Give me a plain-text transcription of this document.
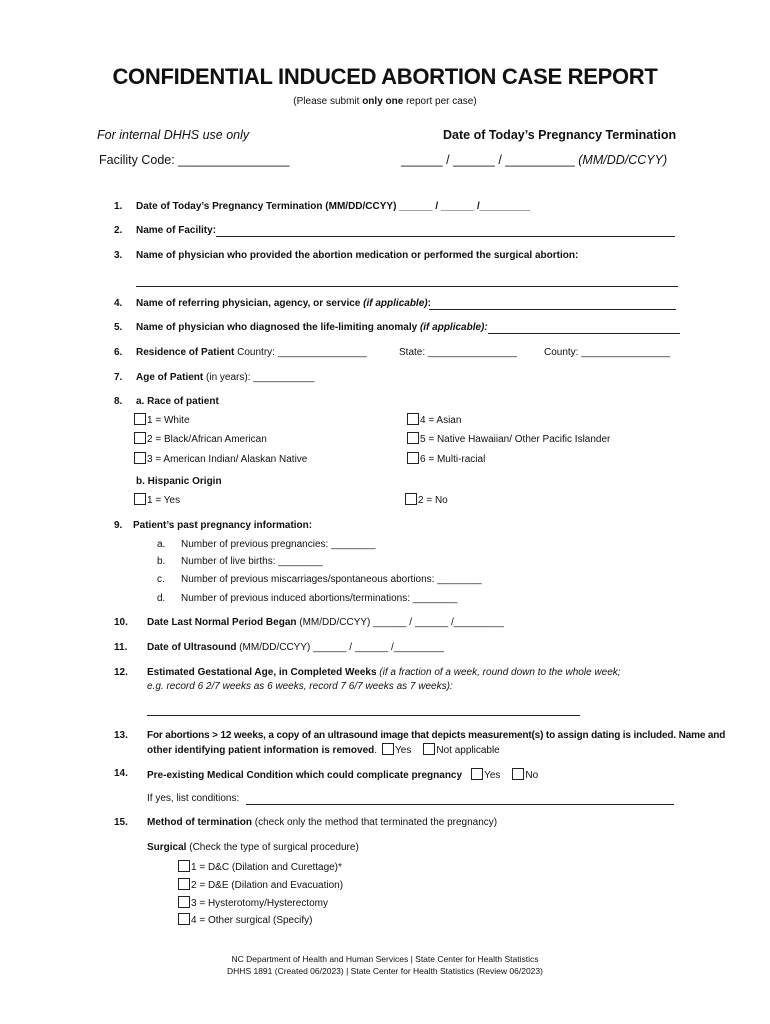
CONFIDENTIAL INDUCED ABORTION CASE REPORT
(Please submit only one report per case)
For internal DHHS use only	Date of Today’s Pregnancy Termination
Facility Code: ________________	______ / ______ / __________ (MM/DD/CCYY)
1. Date of Today’s Pregnancy Termination (MM/DD/CCYY) ______ / ______ /_________
2. Name of Facility:
3. Name of physician who provided the abortion medication or performed the surgical abortion:
4. Name of referring physician, agency, or service (if applicable):
5. Name of physician who diagnosed the life-limiting anomaly (if applicable):
6. Residence of Patient Country: ________________	State: ________________	County: ________________
7. Age of Patient (in years): ___________
8. a. Race of patient
1 = White
2 = Black/African American
3 = American Indian/ Alaskan Native
4 = Asian
5 = Native Hawaiian/ Other Pacific Islander
6 = Multi-racial
b. Hispanic Origin
1 = Yes	2 = No
9. Patient’s past pregnancy information:
a. Number of previous pregnancies: ________
b. Number of live births: ________
c. Number of previous miscarriages/spontaneous abortions: ________
d. Number of previous induced abortions/terminations: ________
10. Date Last Normal Period Began (MM/DD/CCYY) ______ / ______ /_________
11. Date of Ultrasound (MM/DD/CCYY) ______ / ______ /_________
12. Estimated Gestational Age, in Completed Weeks (if a fraction of a week, round down to the whole week;
e.g. record 6 2/7 weeks as 6 weeks, record 7 6/7 weeks as 7 weeks):
13. For abortions > 12 weeks, a copy of an ultrasound image that depicts measurement(s) to assign dating is included. Name and
other identifying patient information is removed. Yes	Not applicable
14. Pre-existing Medical Condition which could complicate pregnancy Yes	No
If yes, list conditions:
15. Method of termination (check only the method that terminated the pregnancy)
Surgical (Check the type of surgical procedure)
1 = D&C (Dilation and Curettage)*
2 = D&E (Dilation and Evacuation)
3 = Hysterotomy/Hysterectomy
4 = Other surgical (Specify)
NC Department of Health and Human Services | State Center for Health Statistics
DHHS 1891 (Created 06/2023) | State Center for Health Statistics (Review 06/2023)
